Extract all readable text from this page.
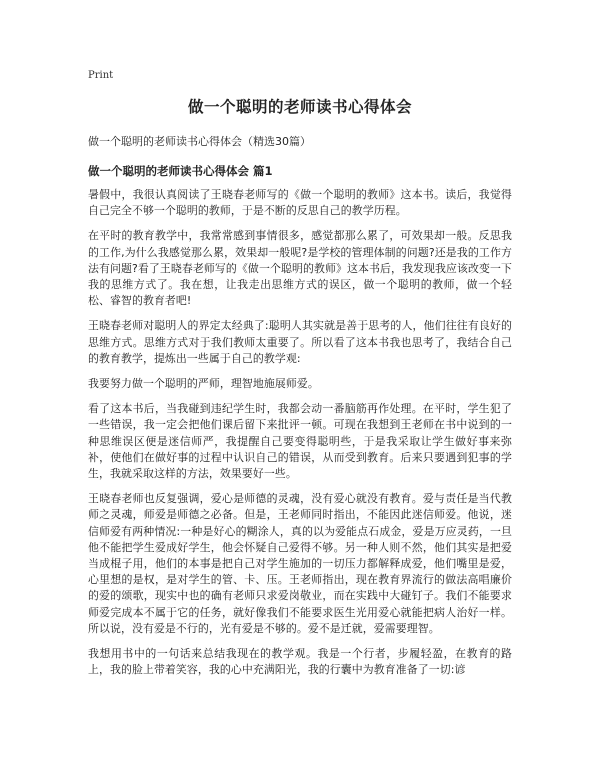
Print
做一个聪明的老师读书心得体会
做一个聪明的老师读书心得体会（精选30篇）
做一个聪明的老师读书心得体会 篇1

暑假中，我很认真阅读了王晓春老师写的《做一个聪明的教师》这本书。读后，我觉得自己完全不够一个聪明的教师，于是不断的反思自己的教学历程。

在平时的教育教学中，我常常感到事情很多，感觉都那么累了，可效果却一般。反思我的工作,为什么我感觉那么累，效果却一般呢?是学校的管理体制的问题?还是我的工作方法有问题?看了王晓春老师写的《做一个聪明的教师》这本书后，我发现我应该改变一下我的思维方式了。我在想，让我走出思维方式的误区，做一个聪明的教师，做一个轻松、睿智的教育者吧!

王晓春老师对聪明人的界定太经典了:聪明人其实就是善于思考的人，他们往往有良好的思维方式。思维方式对于我们教师太重要了。所以看了这本书我也思考了，我结合自己的教育教学，提炼出一些属于自己的教学观:

我要努力做一个聪明的严师，理智地施展师爱。

看了这本书后，当我碰到违纪学生时，我都会动一番脑筋再作处理。在平时，学生犯了一些错误，我一定会把他们课后留下来批评一顿。可现在我想到王老师在书中说到的一种思维误区便是迷信师严，我提醒自己要变得聪明些，于是我采取让学生做好事来弥补，使他们在做好事的过程中认识自己的错误，从而受到教育。后来只要遇到犯事的学生，我就采取这样的方法，效果要好一些。

王晓春老师也反复强调，爱心是师德的灵魂，没有爱心就没有教育。爱与责任是当代教师之灵魂，师爱是师德之必备。但是，王老师同时指出，不能因此迷信师爱。他说，迷信师爱有两种情况:一种是好心的糊涂人，真的以为爱能点石成金，爱是万应灵药，一旦他不能把学生爱成好学生，他会怀疑自己爱得不够。另一种人则不然，他们其实是把爱当成棍子用，他们的本事是把自己对学生施加的一切压力都解释成爱，他们嘴里是爱，心里想的是权，是对学生的管、卡、压。王老师指出，现在教育界流行的做法高唱廉价的爱的颂歌，现实中也的确有老师只求爱岗敬业，而在实践中大碰钉子。我们不能要求师爱完成本不属于它的任务，就好像我们不能要求医生光用爱心就能把病人治好一样。所以说，没有爱是不行的，光有爱是不够的。爱不是迁就，爱需要理智。

我想用书中的一句话来总结我现在的教学观。我是一个行者，步履轻盈，在教育的路上，我的脸上带着笑容，我的心中充满阳光，我的行囊中为教育准备了一切:谚
